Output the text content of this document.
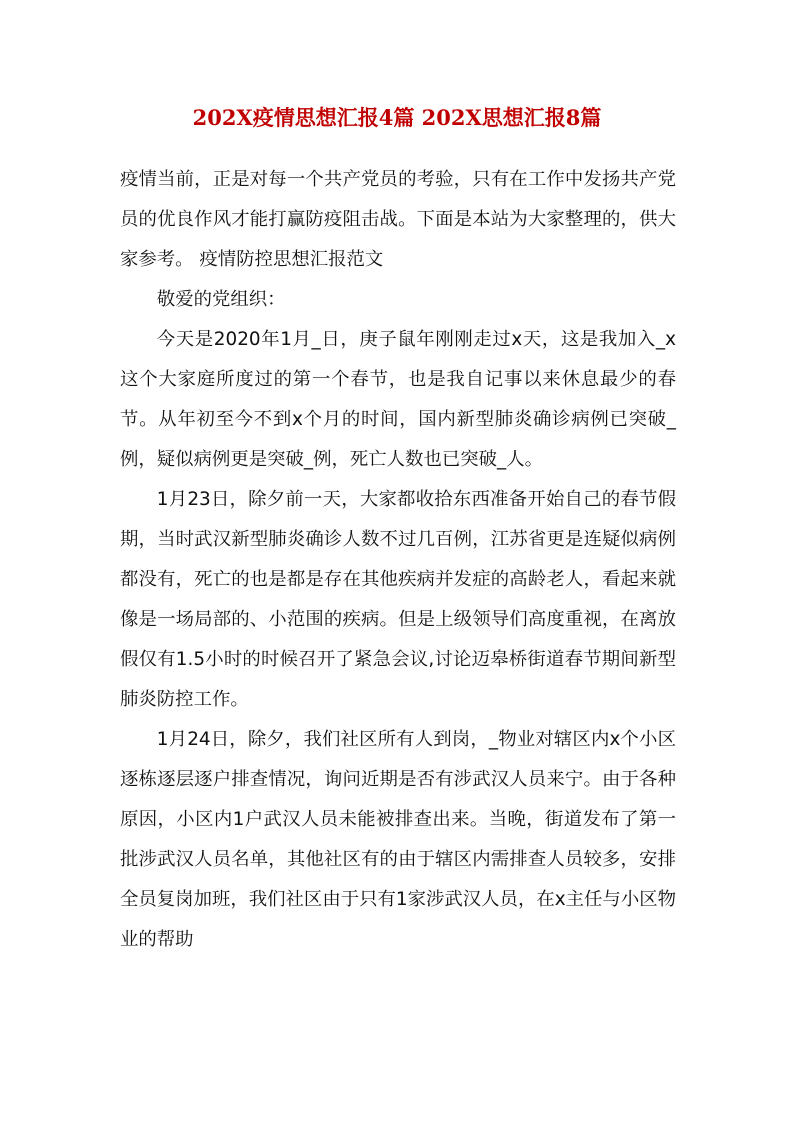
202X疫情思想汇报4篇 202X思想汇报8篇

疫情当前，正是对每一个共产党员的考验，只有在工作中发扬共产党员的优良作风才能打赢防疫阻击战。下面是本站为大家整理的，供大家参考。 疫情防控思想汇报范文

敬爱的党组织：

今天是2020年1月_日，庚子鼠年刚刚走过x天，这是我加入_x这个大家庭所度过的第一个春节，也是我自记事以来休息最少的春节。从年初至今不到x个月的时间，国内新型肺炎确诊病例已突破_例，疑似病例更是突破_例，死亡人数也已突破_人。

1月23日，除夕前一天，大家都收拾东西准备开始自己的春节假期，当时武汉新型肺炎确诊人数不过几百例，江苏省更是连疑似病例都没有，死亡的也是都是存在其他疾病并发症的高龄老人，看起来就像是一场局部的、小范围的疾病。但是上级领导们高度重视，在离放假仅有1.5小时的时候召开了紧急会议,讨论迈皋桥街道春节期间新型肺炎防控工作。

1月24日，除夕，我们社区所有人到岗，_物业对辖区内x个小区逐栋逐层逐户排查情况，询问近期是否有涉武汉人员来宁。由于各种原因，小区内1户武汉人员未能被排查出来。当晚，街道发布了第一批涉武汉人员名单，其他社区有的由于辖区内需排查人员较多，安排全员复岗加班，我们社区由于只有1家涉武汉人员，在x主任与小区物业的帮助
